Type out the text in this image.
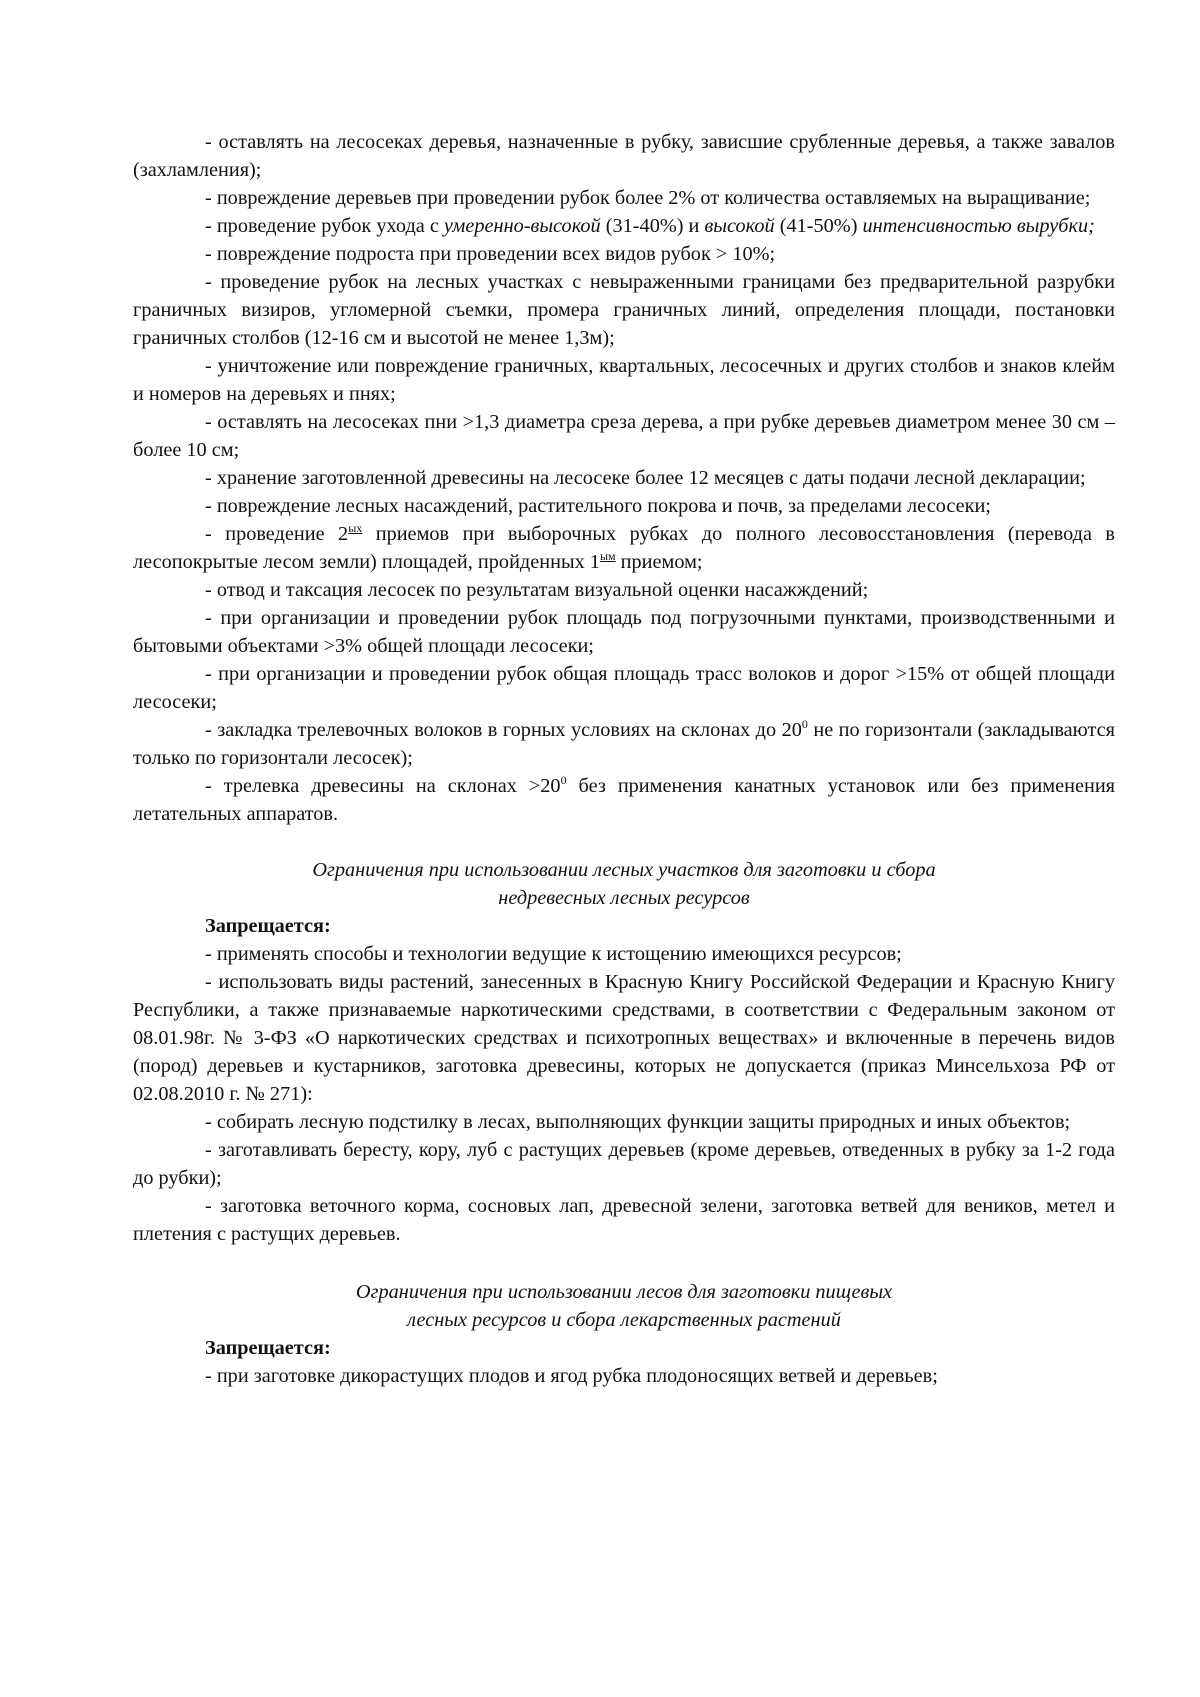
- оставлять на лесосеках деревья, назначенные в рубку, зависшие срубленные деревья, а также завалов (захламления);

- повреждение деревьев при проведении рубок более 2% от количества оставляемых на выращивание;

- проведение рубок ухода с умеренно-высокой (31-40%) и высокой (41-50%) интенсивностью вырубки;

- повреждение подроста при проведении всех видов рубок > 10%;

- проведение рубок на лесных участках с невыраженными границами без предварительной разрубки граничных визиров, угломерной съемки, промера граничных линий, определения площади, постановки граничных столбов (12-16 см и высотой не менее 1,3м);

- уничтожение или повреждение граничных, квартальных, лесосечных и других столбов и знаков клейм и номеров на деревьях и пнях;

- оставлять на лесосеках пни >1,3 диаметра среза дерева, а при рубке деревьев диаметром менее 30 см – более 10 см;

- хранение заготовленной древесины на лесосеке более 12 месяцев с даты подачи лесной декларации;

- повреждение лесных насаждений, растительного покрова и почв, за пределами лесосеки;

- проведение $2^{ых}$ приемов при выборочных рубках до полного лесовосстановления (перевода в лесопокрытые лесом земли) площадей, пройденных $1^{ым}$ приемом;

- отвод и таксация лесосек по результатам визуальной оценки насажждений;

- при организации и проведении рубок площадь под погрузочными пунктами, производственными и бытовыми объектами >3% общей площади лесосеки;

- при организации и проведении рубок общая площадь трасс волоков и дорог >15% от общей площади лесосеки;

- закладка трелевочных волоков в горных условиях на склонах до $20^0$ не по горизонтали (закладываются только по горизонтали лесосек);

- трелевка древесины на склонах $>20^0$ без применения канатных установок или без применения летательных аппаратов.

Ограничения при использовании лесных участков для заготовки и сбора

недревесных лесных ресурсов

Запрещается:

- применять способы и технологии ведущие к истощению имеющихся ресурсов;

- использовать виды растений, занесенных в Красную Книгу Российской Федерации и Красную Книгу Республики, а также признаваемые наркотическими средствами, в соответствии с Федеральным законом от 08.01.98г. № 3-ФЗ «О наркотических средствах и психотропных веществах» и включенные в перечень видов (пород) деревьев и кустарников, заготовка древесины, которых не допускается (приказ Минсельхоза РФ от 02.08.2010 г. № 271):

- собирать лесную подстилку в лесах, выполняющих функции защиты природных и иных объектов;

- заготавливать бересту, кору, луб с растущих деревьев (кроме деревьев, отведенных в рубку за 1-2 года до рубки);

- заготовка веточного корма, сосновых лап, древесной зелени, заготовка ветвей для веников, метел и плетения с растущих деревьев.

Ограничения при использовании лесов для заготовки пищевых

лесных ресурсов и сбора лекарственных растений

Запрещается:

- при заготовке дикорастущих плодов и ягод рубка плодоносящих ветвей и деревьев;
